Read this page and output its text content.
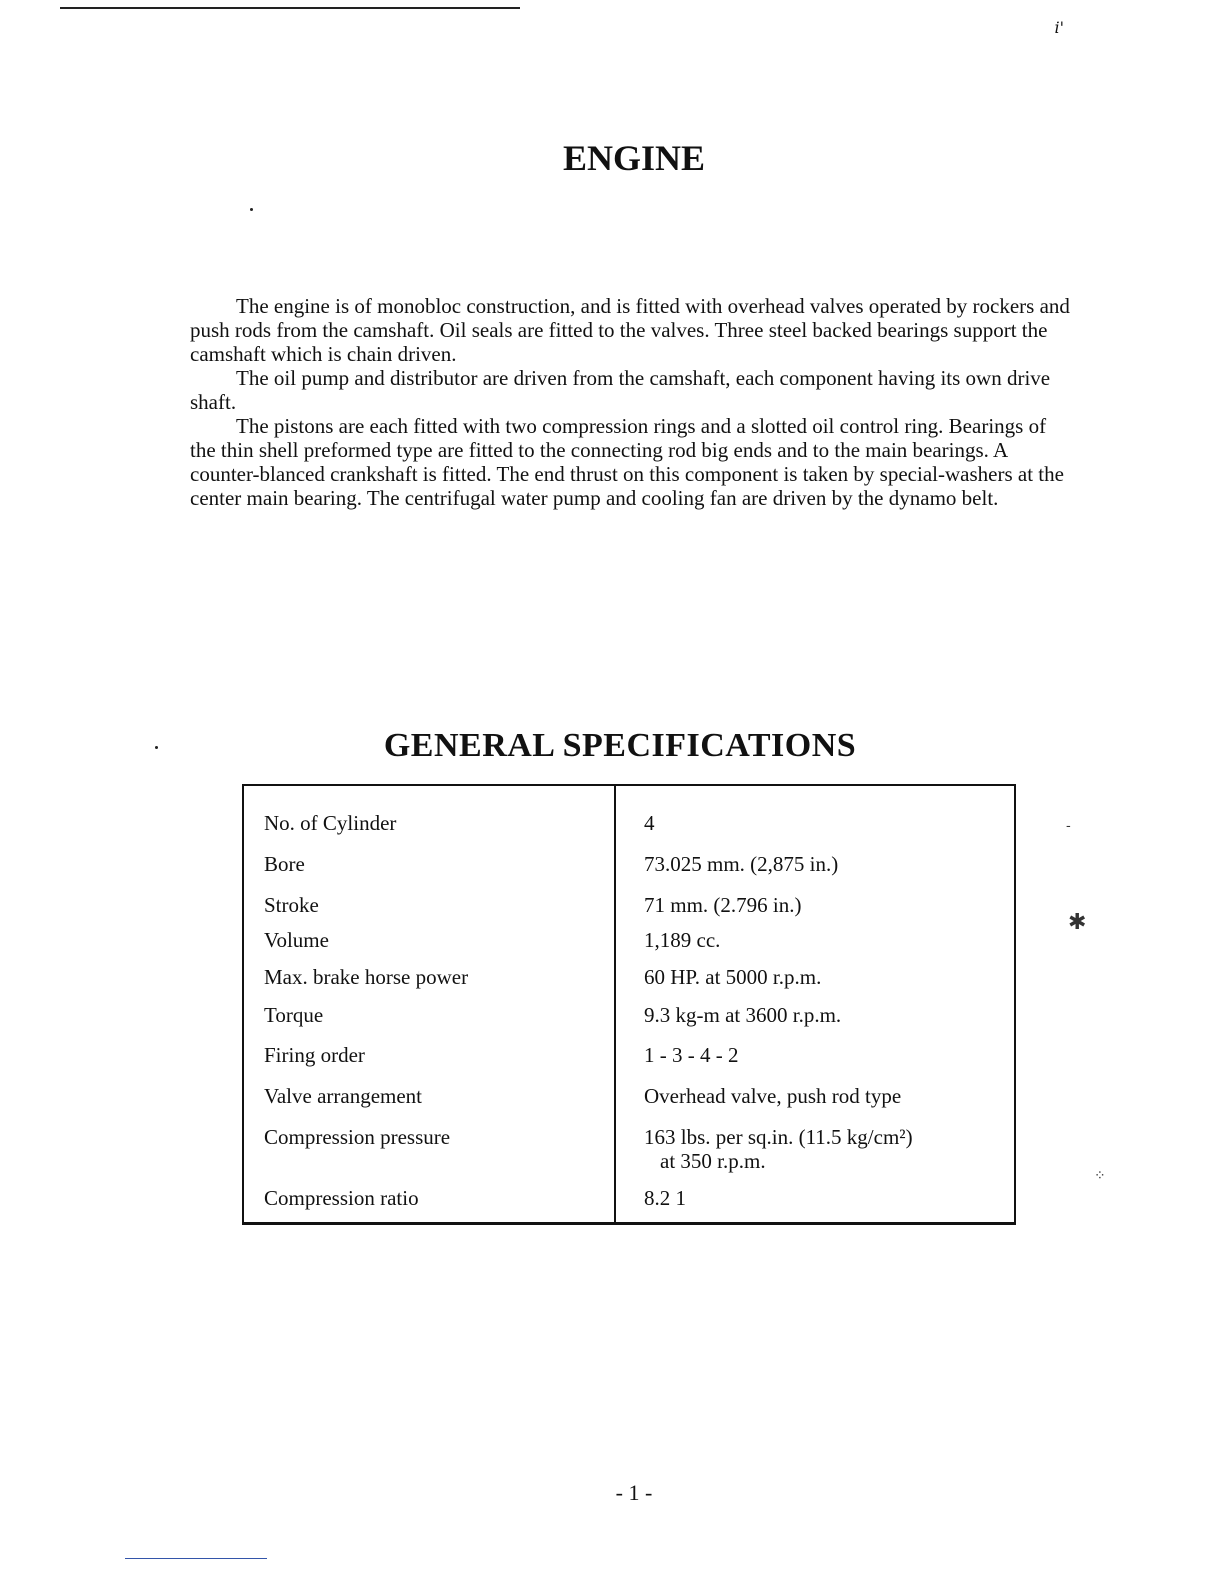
i'
-
✱
⁘
ENGINE

The engine is of monobloc construction, and is fitted with overhead valves operated by rockers and push rods from the camshaft. Oil seals are fitted to the valves. Three steel backed bearings support the camshaft which is chain driven.

The oil pump and distributor are driven from the camshaft, each component having its own drive shaft.

The pistons are each fitted with two compression rings and a slotted oil control ring. Bearings of the thin shell preformed type are fitted to the connecting rod big ends and to the main bearings. A counter-blanced crankshaft is fitted. The end thrust on this component is taken by special-washers at the center main bearing. The centrifugal water pump and cooling fan are driven by the dynamo belt.

GENERAL SPECIFICATIONS
No. of Cylinder	4
Bore	73.025 mm. (2,875 in.)
Stroke	71 mm. (2.796 in.)
Volume	1,189 cc.
Max. brake horse power	60 HP. at 5000 r.p.m.
Torque	9.3 kg-m at 3600 r.p.m.
Firing order	1 - 3 - 4 - 2
Valve arrangement	Overhead valve, push rod type
Compression pressure	163 lbs. per sq.in. (11.5 kg/cm²)
at 350 r.p.m.
Compression ratio	8.2 1
- 1 -
